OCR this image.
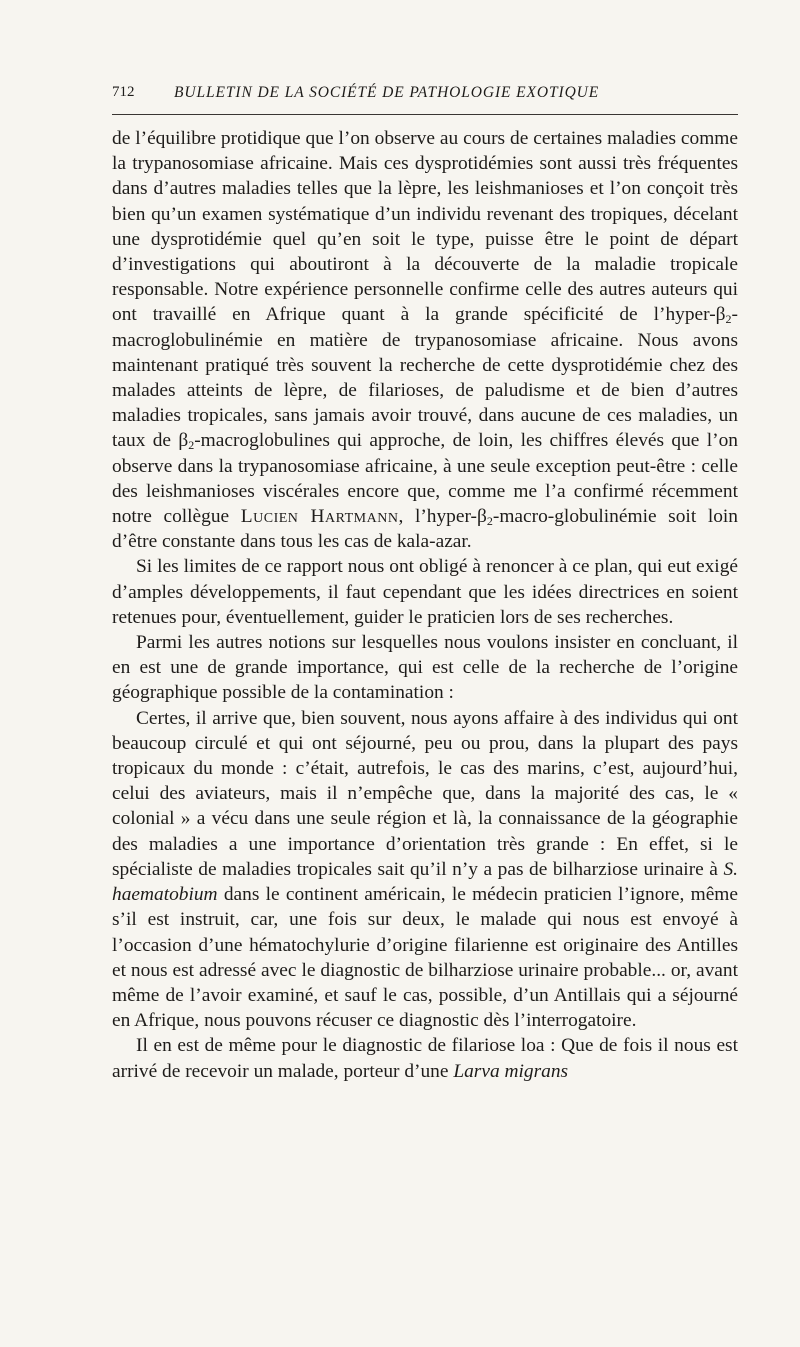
712	BULLETIN DE LA SOCIÉTÉ DE PATHOLOGIE EXOTIQUE

de l’équilibre protidique que l’on observe au cours de certaines maladies comme la trypanosomiase africaine. Mais ces dysprotidémies sont aussi très fréquentes dans d’autres maladies telles que la lèpre, les leishmanioses et l’on conçoit très bien qu’un examen systématique d’un individu revenant des tropiques, décelant une dysprotidémie quel qu’en soit le type, puisse être le point de départ d’investigations qui aboutiront à la découverte de la maladie tropicale responsable. Notre expérience personnelle confirme celle des autres auteurs qui ont travaillé en Afrique quant à la grande spécificité de $l’hyper-\beta_2$-macroglobulinémie en matière de trypanosomiase africaine. Nous avons maintenant pratiqué très souvent la recherche de cette dysprotidémie chez des malades atteints de lèpre, de filarioses, de paludisme et de bien d’autres maladies tropicales, sans jamais avoir trouvé, dans aucune de ces maladies, un taux de $\beta_2$-macroglobulines qui approche, de loin, les chiffres élevés que l’on observe dans la trypanosomiase africaine, à une seule exception peut-être : celle des leishmanioses viscérales encore que, comme me l’a confirmé récemment notre collègue Lucien Hartmann, $l’hyper-\beta_2-macro$-globulinémie soit loin d’être constante dans tous les cas de kala-azar.

Si les limites de ce rapport nous ont obligé à renoncer à ce plan, qui eut exigé d’amples développements, il faut cependant que les idées directrices en soient retenues pour, éventuellement, guider le praticien lors de ses recherches.

Parmi les autres notions sur lesquelles nous voulons insister en concluant, il en est une de grande importance, qui est celle de la recherche de l’origine géographique possible de la contamination :

Certes, il arrive que, bien souvent, nous ayons affaire à des individus qui ont beaucoup circulé et qui ont séjourné, peu ou prou, dans la plupart des pays tropicaux du monde : c’était, autrefois, le cas des marins, c’est, aujourd’hui, celui des aviateurs, mais il n’empêche que, dans la majorité des cas, le « colonial » a vécu dans une seule région et là, la connaissance de la géographie des maladies a une importance d’orientation très grande : En effet, si le spécialiste de maladies tropicales sait qu’il n’y a pas de bilharziose urinaire à S. haematobium dans le continent américain, le médecin praticien l’ignore, même s’il est instruit, car, une fois sur deux, le malade qui nous est envoyé à l’occasion d’une hématochylurie d’origine filarienne est originaire des Antilles et nous est adressé avec le diagnostic de bilharziose urinaire probable... or, avant même de l’avoir examiné, et sauf le cas, possible, d’un Antillais qui a séjourné en Afrique, nous pouvons récuser ce diagnostic dès l’interrogatoire.

Il en est de même pour le diagnostic de filariose loa : Que de fois il nous est arrivé de recevoir un malade, porteur d’une Larva migrans
